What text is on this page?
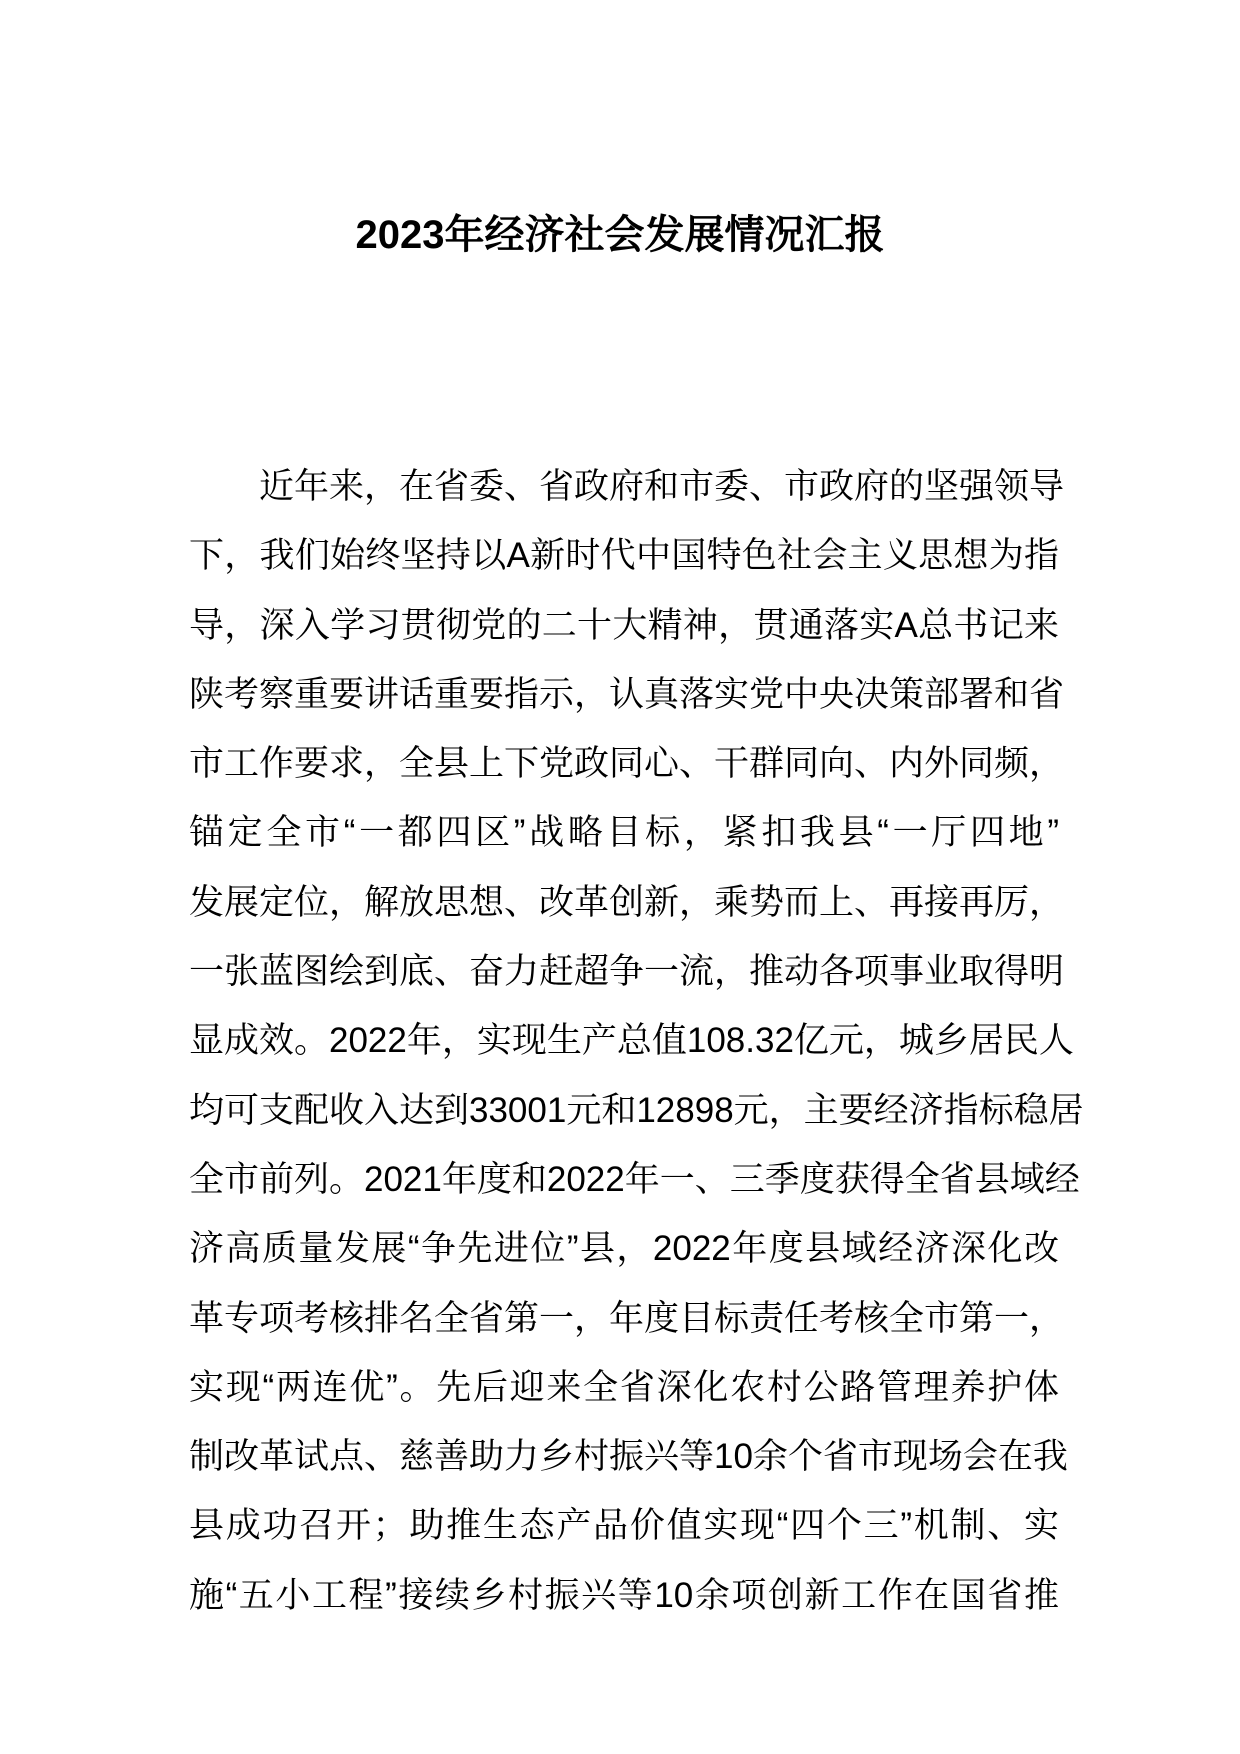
2023年经济社会发展情况汇报
近年来，在省委、省政府和市委、市政府的坚强领导
下，我们始终坚持以A新时代中国特色社会主义思想为指
导，深入学习贯彻党的二十大精神，贯通落实A总书记来
陕考察重要讲话重要指示，认真落实党中央决策部署和省
市工作要求，全县上下党政同心、干群同向、内外同频，
锚定全市“一都四区”战略目标，紧扣我县“一厅四地”
发展定位，解放思想、改革创新，乘势而上、再接再厉，
一张蓝图绘到底、奋力赶超争一流，推动各项事业取得明
显成效。2022年，实现生产总值108.32亿元，城乡居民人
均可支配收入达到33001元和12898元，主要经济指标稳居
全市前列。2021年度和2022年一、三季度获得全省县域经
济高质量发展“争先进位”县，2022年度县域经济深化改
革专项考核排名全省第一，年度目标责任考核全市第一，
实现“两连优”。先后迎来全省深化农村公路管理养护体
制改革试点、慈善助力乡村振兴等10余个省市现场会在我
县成功召开；助推生态产品价值实现“四个三”机制、实
施“五小工程”接续乡村振兴等10余项创新工作在国省推
